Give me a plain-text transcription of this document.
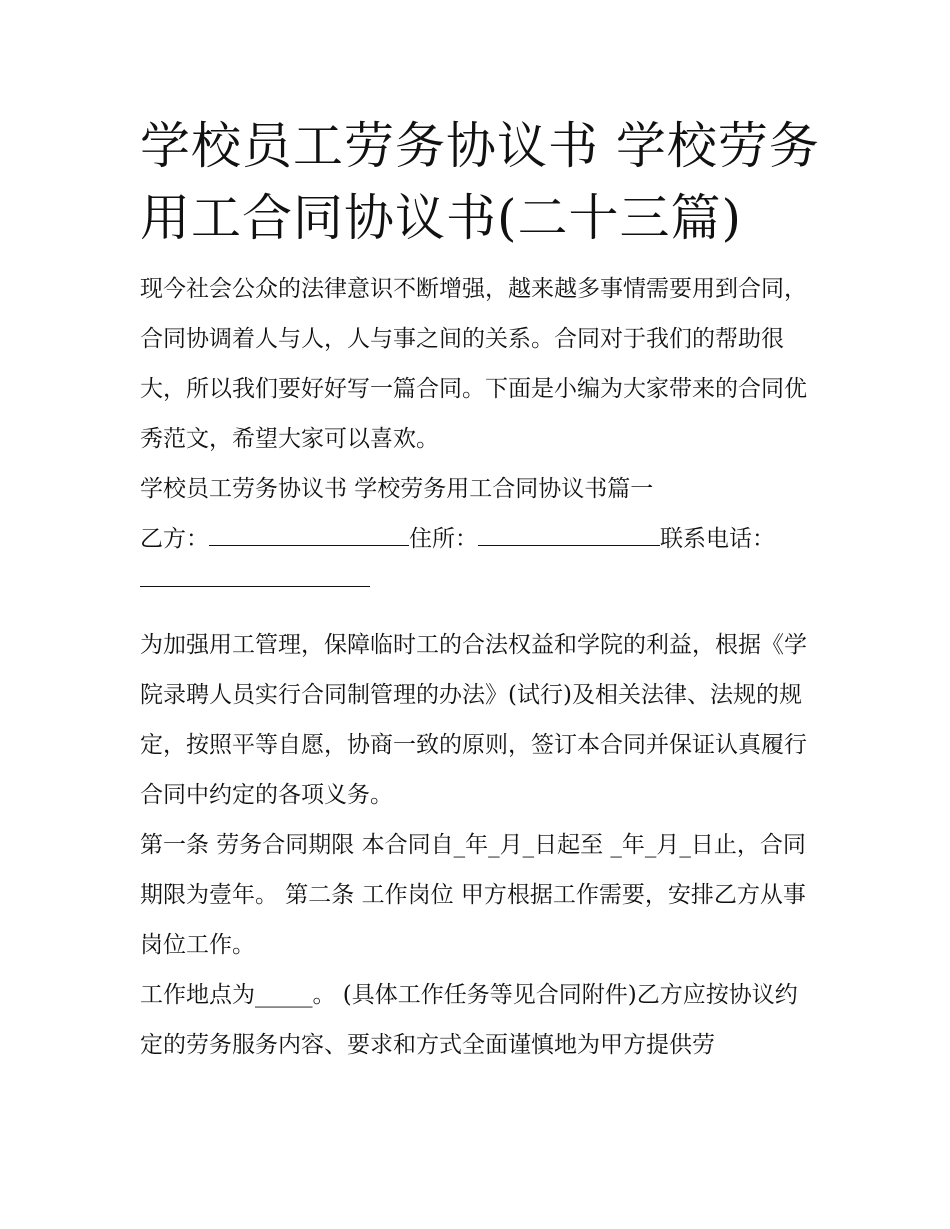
学校员工劳务协议书 学校劳务用工合同协议书(二十三篇)

现今社会公众的法律意识不断增强，越来越多事情需要用到合同，合同协调着人与人，人与事之间的关系。合同对于我们的帮助很大，所以我们要好好写一篇合同。下面是小编为大家带来的合同优秀范文，希望大家可以喜欢。

学校员工劳务协议书 学校劳务用工合同协议书篇一

乙方：	住所：	联系电话：

为加强用工管理，保障临时工的合法权益和学院的利益，根据《学院录聘人员实行合同制管理的办法》(试行)及相关法律、法规的规定，按照平等自愿，协商一致的原则，签订本合同并保证认真履行合同中约定的各项义务。

第一条 劳务合同期限 本合同自_年_月_日起至 _年_月_日止，合同期限为壹年。 第二条 工作岗位 甲方根据工作需要，安排乙方从事岗位工作。

工作地点为_____。 (具体工作任务等见合同附件)乙方应按协议约定的劳务服务内容、要求和方式全面谨慎地为甲方提供劳
